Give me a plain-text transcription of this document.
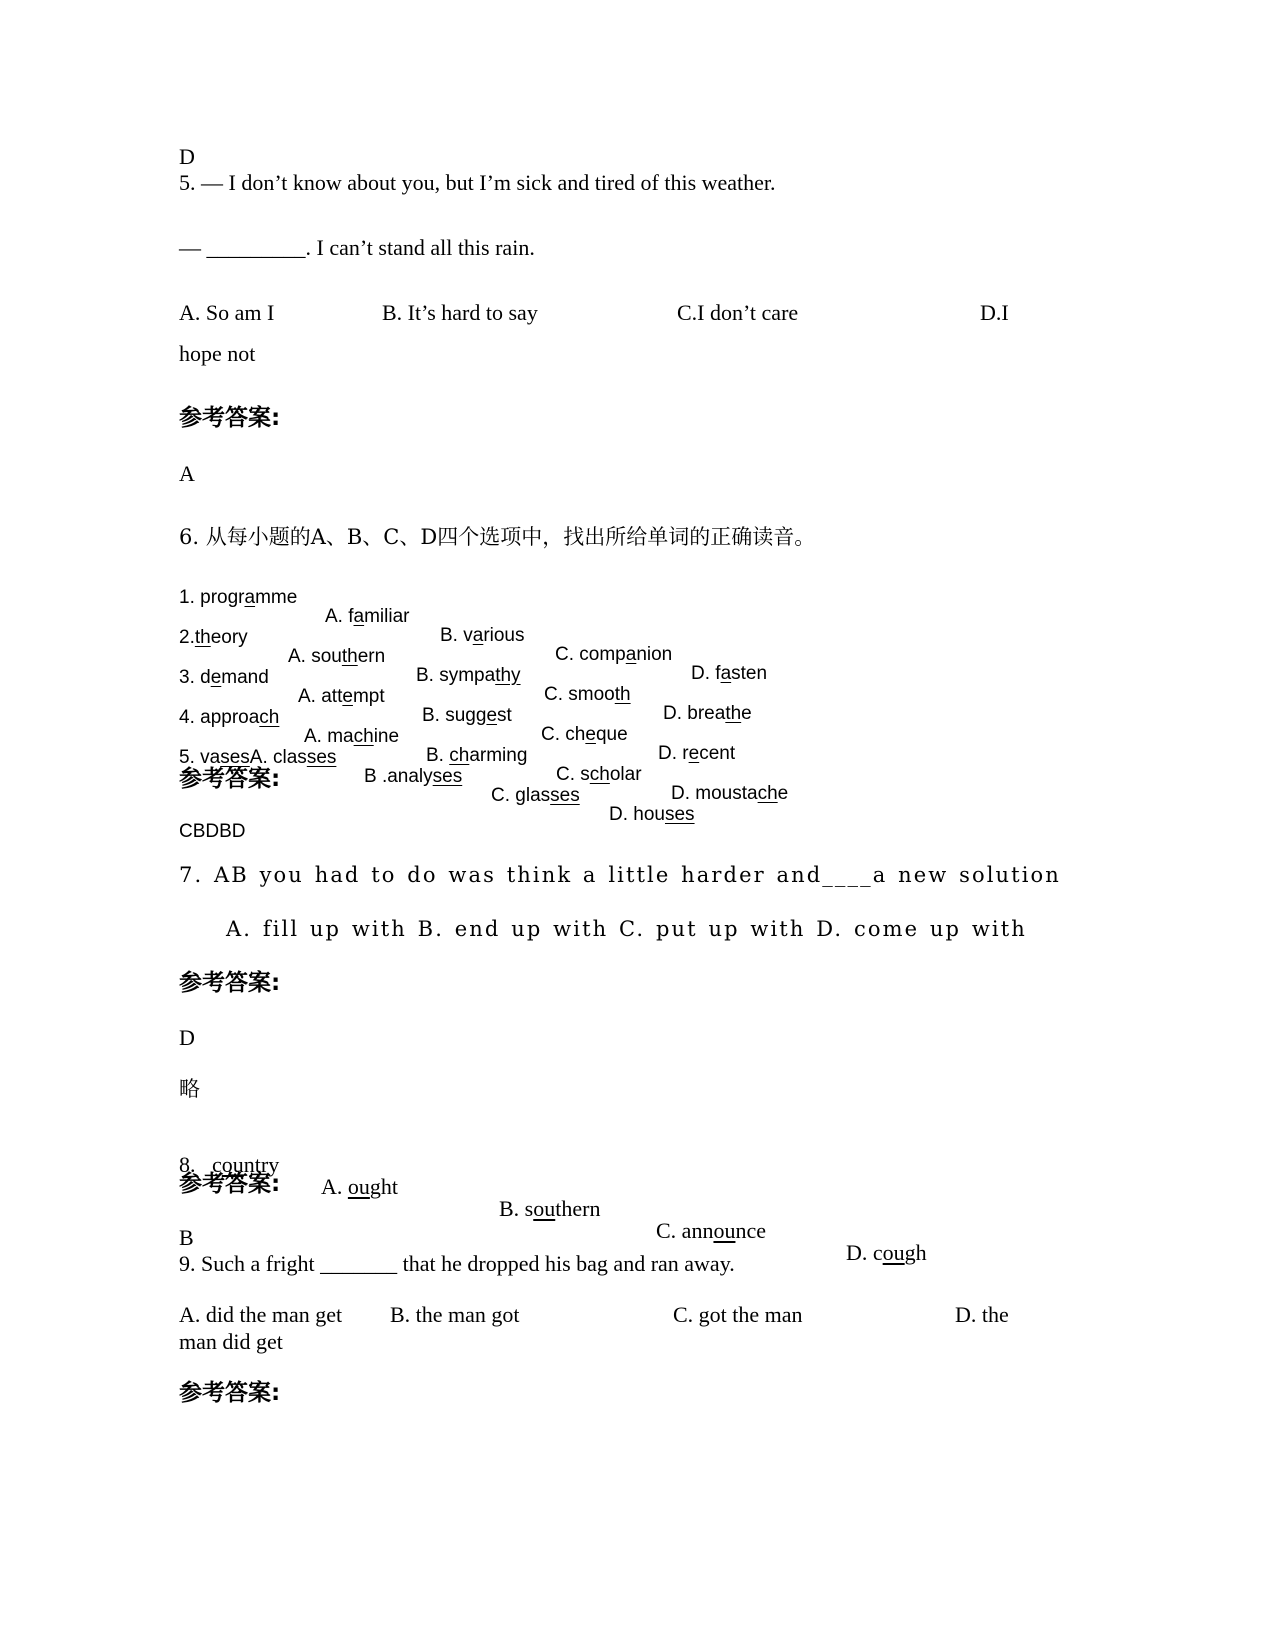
D
5. — I don’t know about you, but I’m sick and tired of this weather.
— _________. I can’t stand all this rain.
A. So am I	B. It’s hard to say	C.I don’t care	D.I
hope not
参考答案:
A
6. 从每小题的A、B、C、D四个选项中，找出所给单词的正确读音。

1. programme

A. familiar

B. various

C. companion

D. fasten

2.theory

A. southern

B. sympathy

C. smooth

D. breathe

3. demand

A. attempt

B. suggest

C. cheque

D. recent

4. approach

A. machine

B. charming

C. scholar

D. moustache

5. vasesA. classes

B .analyses

C. glasses

D. houses

参考答案:
CBDBD
7. AB you had to do was think a little harder and____a new solution
A. fill up with B. end up with C. put up with D. come up with
参考答案:
D
略

8.   country

A. ought

B. southern

C. announce

D. cough

参考答案:
B
9. Such a fright _______ that he dropped his bag and ran away.
A. did the man get B. the man got	C. got the man	D. the
man did get
参考答案:
